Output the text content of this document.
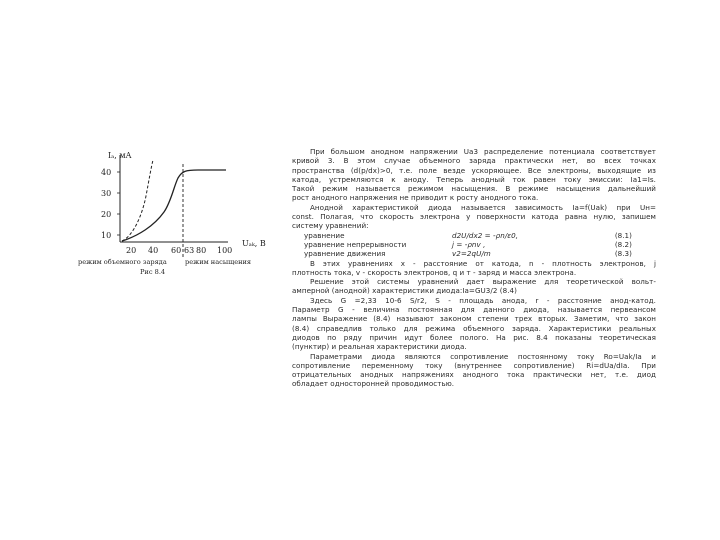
40
30
20
10
Iₐ, мА
Uₐₖ, В
20 40 60 80 100
63
режим объемного заряда	режим насыщения
Рис 8.4
При большом анодном напряжении Ua3 распределение потенциала соответствует
кривой 3. В этом случае объемного заряда практически нет, во всех точках
пространства (d(p/dx)>0, т.е. поле везде ускоряющее. Все электроны, выходящие из
катода, устремляются к аноду. Теперь анодный ток равен току эмиссии: Ia1=Is.
Такой режим называется режимом насыщения. В режиме насыщения дальнейший
рост анодного напряжения не приводит к росту анодного тока.
Анодной характеристикой диода называется зависимость Ia=f(Uak) при Uн=
const. Полагая, что скорость электрона у поверхности катода равна нулю, запишем
систему уравнений:
уравнение	d2U/dx2 = -ρn/ε0,	(8.1)
уравнение непрерывности	j = -ρnv ,	(8.2)
уравнение движения	v2=2qU/m	(8.3)
В этих уравнениях х - расстояние от катода, n - плотность электронов, j
плотность тока, v - скорость электронов, q и т - заряд и масса электрона.
Решение этой системы уравнений дает выражение для теоретической вольт-
амперной (анодной) характеристики диода:Ia=GU3/2 (8.4)
Здесь G =2,33 10-6 S/r2, S - площадь анода, r - расстояние анод-катод.
Параметр G - величина постоянная для данного диода, называется первеансом
лампы Выражение (8.4) называют законом степени трех вторых. Заметим, что закон
(8.4) справедлив только для режима объемного заряда. Характеристики реальных
диодов по ряду причин идут более полого. На рис. 8.4 показаны теоретическая
(пунктир) и реальная характеристики диода.
Параметрами диода являются сопротивление постоянному току Ro=Uak/Ia и
сопротивление переменному току (внутреннее сопротивление) Ri=dUa/dIa. При
отрицательных анодных напряжениях анодного тока практически нет, т.е. диод
обладает односторонней проводимостью.
